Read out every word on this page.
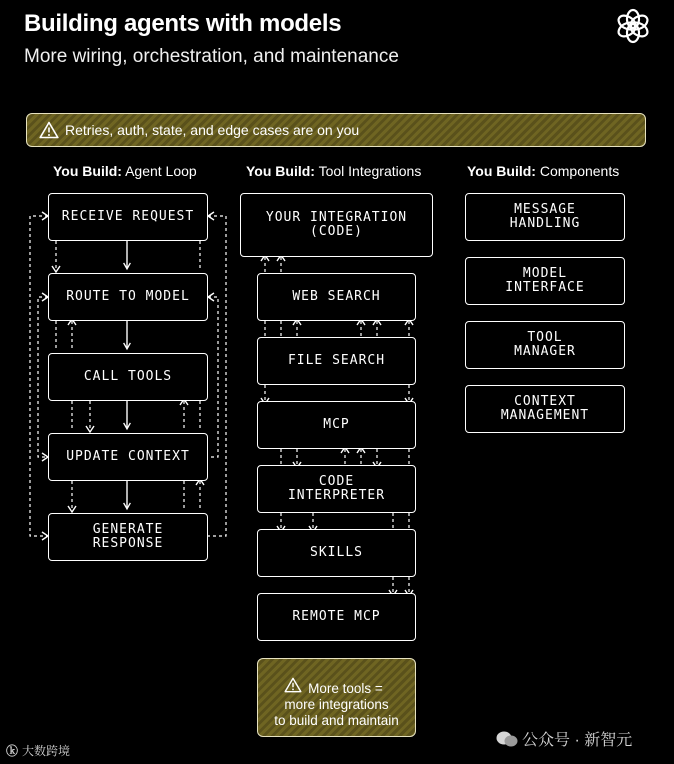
Building agents with models
More wiring, orchestration, and maintenance
Retries, auth, state, and edge cases are on you
You Build: Agent Loop	You Build: Tool Integrations	You Build: Components
RECEIVE REQUEST
ROUTE TO MODEL
CALL TOOLS
UPDATE CONTEXT
GENERATE
RESPONSE
YOUR INTEGRATION
(CODE)
WEB SEARCH
FILE SEARCH
MCP
CODE
INTERPRETER
SKILLS
REMOTE MCP
MESSAGE
HANDLING
MODEL
INTERFACE
TOOL
MANAGER
CONTEXT
MANAGEMENT
More tools =
more integrations
to build and maintain
ⓚ 大数跨境
公众号 · 新智元
